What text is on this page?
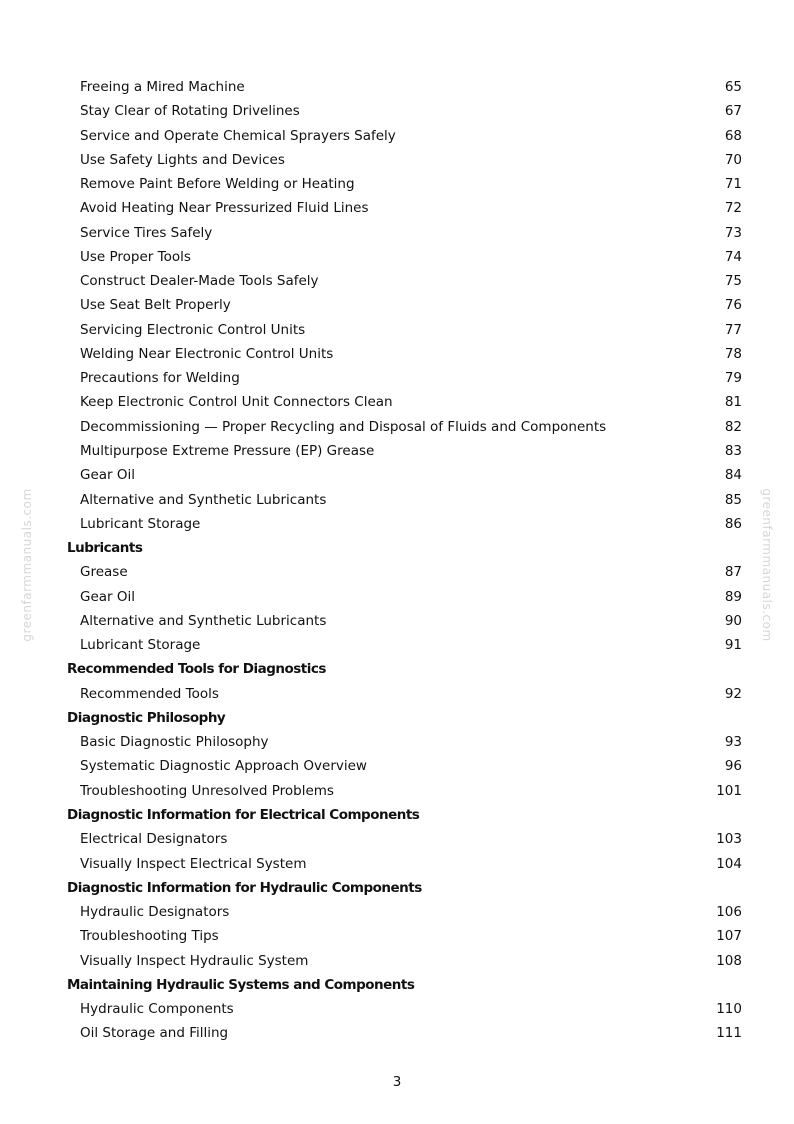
greenfarmmanuals.com	greenfarmmanuals.com
Freeing a Mired Machine	65
Stay Clear of Rotating Drivelines	67
Service and Operate Chemical Sprayers Safely	68
Use Safety Lights and Devices	70
Remove Paint Before Welding or Heating	71
Avoid Heating Near Pressurized Fluid Lines	72
Service Tires Safely	73
Use Proper Tools	74
Construct Dealer-Made Tools Safely	75
Use Seat Belt Properly	76
Servicing Electronic Control Units	77
Welding Near Electronic Control Units	78
Precautions for Welding	79
Keep Electronic Control Unit Connectors Clean	81
Decommissioning — Proper Recycling and Disposal of Fluids and Components	82
Multipurpose Extreme Pressure (EP) Grease	83
Gear Oil	84
Alternative and Synthetic Lubricants	85
Lubricant Storage	86
Lubricants
Grease	87
Gear Oil	89
Alternative and Synthetic Lubricants	90
Lubricant Storage	91
Recommended Tools for Diagnostics
Recommended Tools	92
Diagnostic Philosophy
Basic Diagnostic Philosophy	93
Systematic Diagnostic Approach Overview	96
Troubleshooting Unresolved Problems	101
Diagnostic Information for Electrical Components
Electrical Designators	103
Visually Inspect Electrical System	104
Diagnostic Information for Hydraulic Components
Hydraulic Designators	106
Troubleshooting Tips	107
Visually Inspect Hydraulic System	108
Maintaining Hydraulic Systems and Components
Hydraulic Components	110
Oil Storage and Filling	111
3
